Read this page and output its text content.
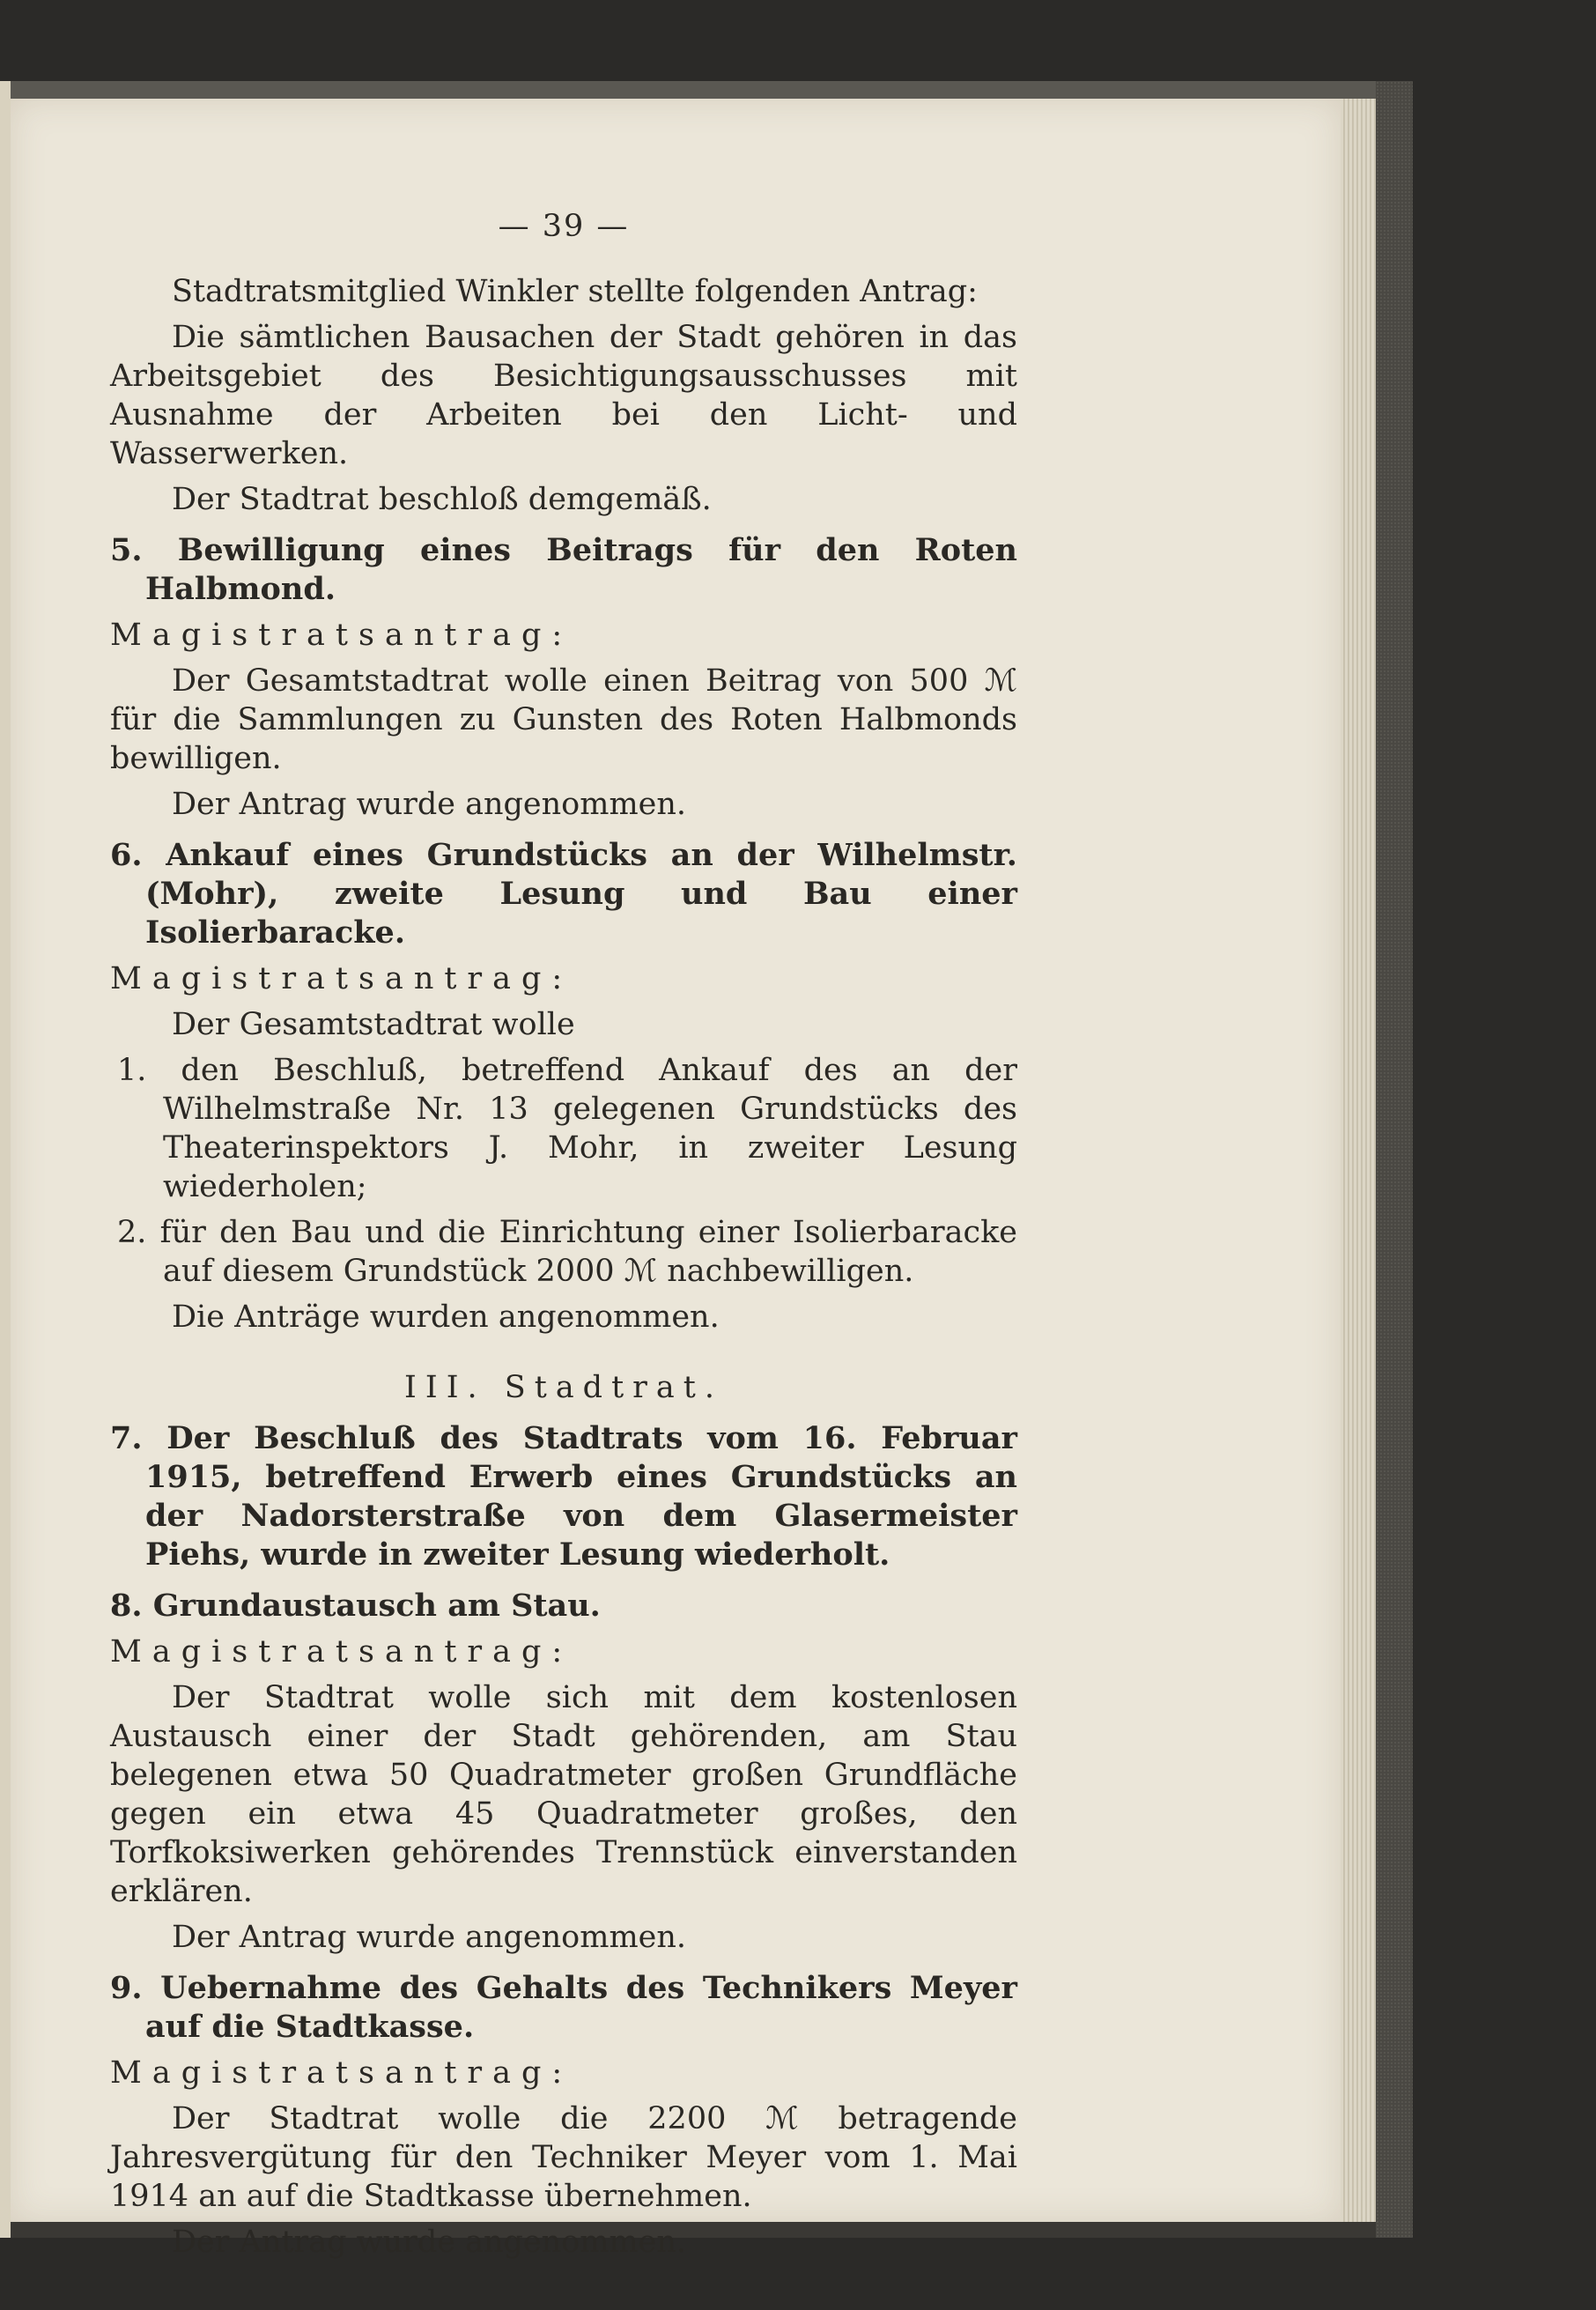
— 39 —

Stadtratsmitglied Winkler stellte folgenden Antrag:

Die sämtlichen Bausachen der Stadt gehören in das Arbeitsgebiet des Besichtigungsausschusses mit Ausnahme der Arbeiten bei den Licht- und Wasserwerken.

Der Stadtrat beschloß demgemäß.

5. Bewilligung eines Beitrags für den Roten Halbmond.

Magistratsantrag:

Der Gesamtstadtrat wolle einen Beitrag von 500 ℳ für die Sammlungen zu Gunsten des Roten Halbmonds bewilligen.

Der Antrag wurde angenommen.

6. Ankauf eines Grundstücks an der Wilhelmstr. (Mohr), zweite Lesung und Bau einer Isolierbaracke.

Magistratsantrag:

Der Gesamtstadtrat wolle

1. den Beschluß, betreffend Ankauf des an der Wilhelmstraße Nr. 13 gelegenen Grundstücks des Theaterinspektors J. Mohr, in zweiter Lesung wiederholen;

2. für den Bau und die Einrichtung einer Isolierbaracke auf diesem Grundstück 2000 ℳ nachbewilligen.

Die Anträge wurden angenommen.

III. Stadtrat.

7. Der Beschluß des Stadtrats vom 16. Februar 1915, betreffend Erwerb eines Grundstücks an der Nadorsterstraße von dem Glasermeister Piehs, wurde in zweiter Lesung wiederholt.

8. Grundaustausch am Stau.

Magistratsantrag:

Der Stadtrat wolle sich mit dem kostenlosen Austausch einer der Stadt gehörenden, am Stau belegenen etwa 50 Quadratmeter großen Grundfläche gegen ein etwa 45 Quadratmeter großes, den Torfkoksiwerken gehörendes Trennstück einverstanden erklären.

Der Antrag wurde angenommen.

9. Uebernahme des Gehalts des Technikers Meyer auf die Stadtkasse.

Magistratsantrag:

Der Stadtrat wolle die 2200 ℳ betragende Jahresvergütung für den Techniker Meyer vom 1. Mai 1914 an auf die Stadtkasse übernehmen.

Der Antrag wurde angenommen.
